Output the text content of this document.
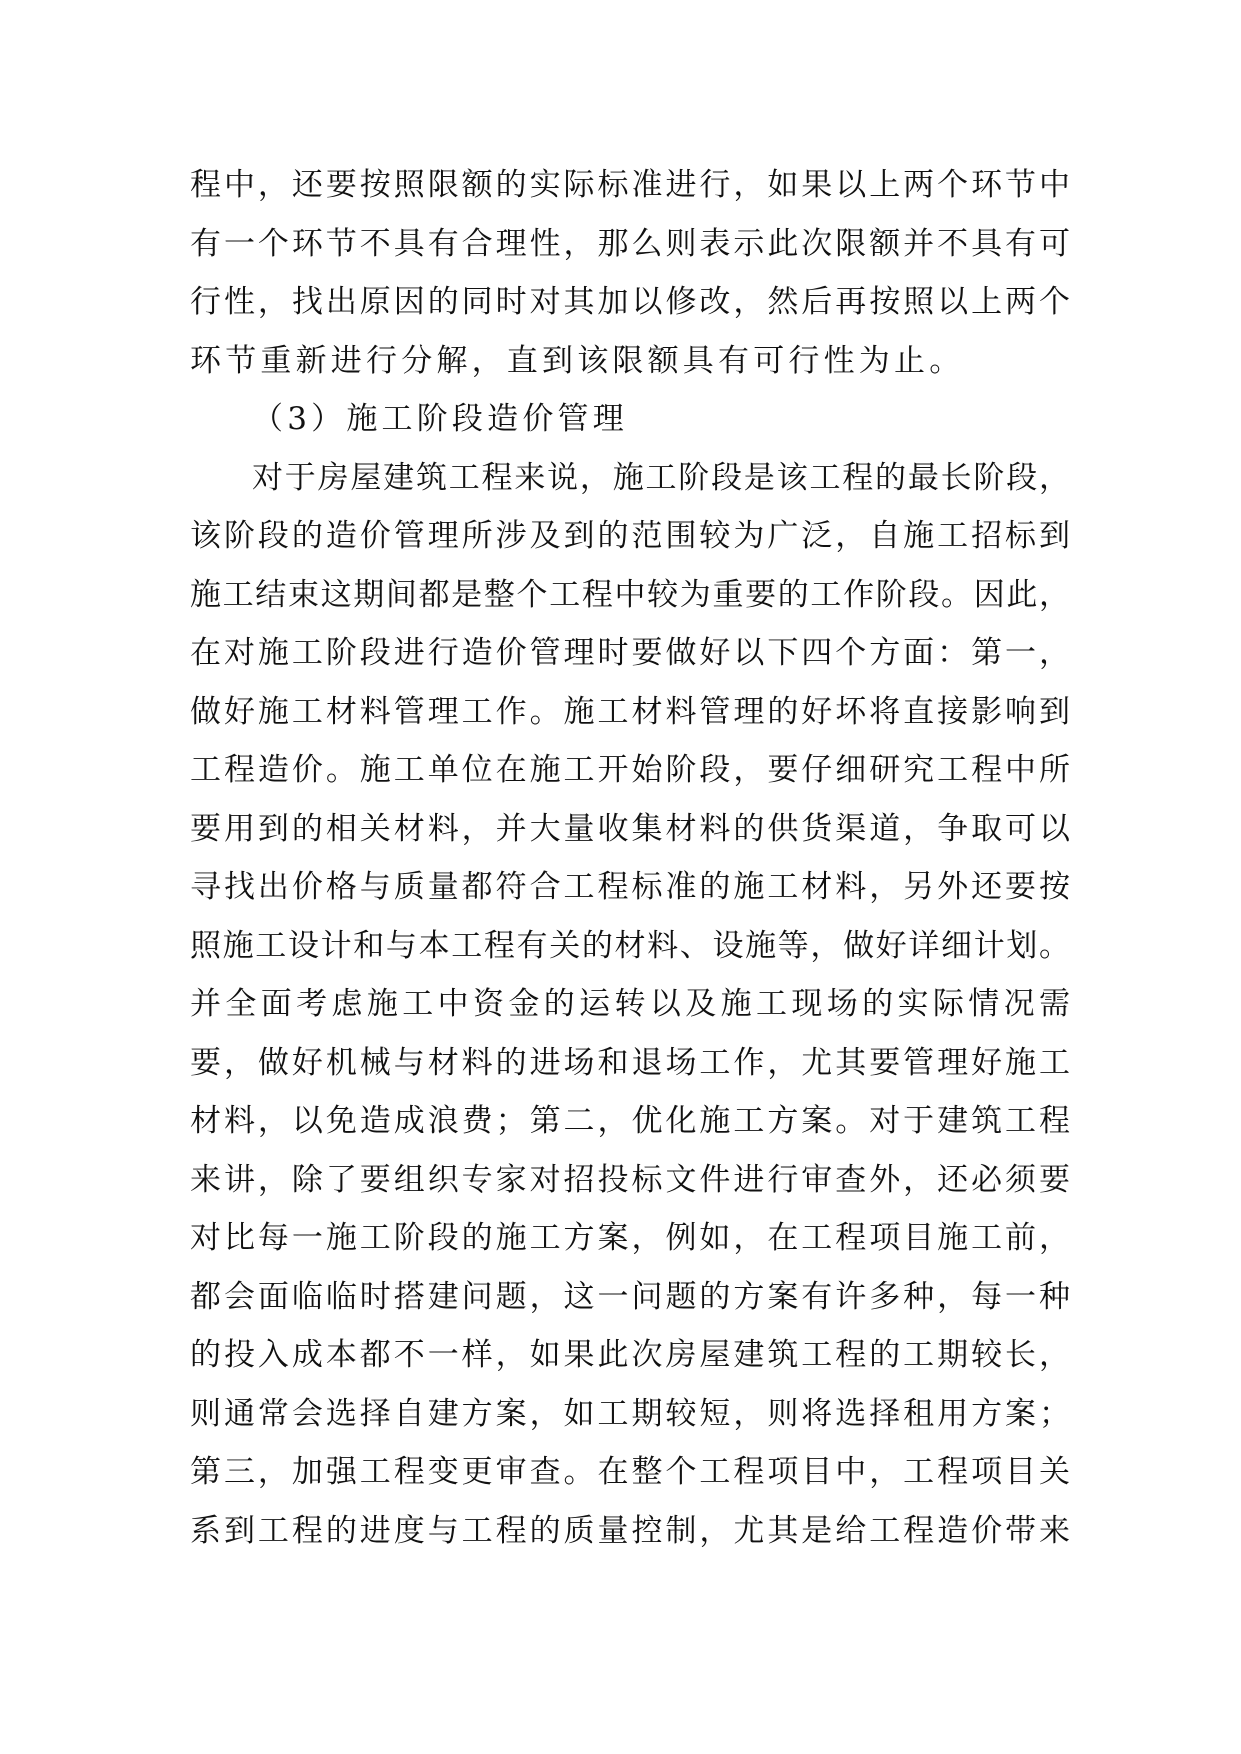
程中，还要按照限额的实际标准进行，如果以上两个环节中
有一个环节不具有合理性，那么则表示此次限额并不具有可
行性，找出原因的同时对其加以修改，然后再按照以上两个
环节重新进行分解，直到该限额具有可行性为止。
（3）施工阶段造价管理
对于房屋建筑工程来说，施工阶段是该工程的最长阶段，
该阶段的造价管理所涉及到的范围较为广泛，自施工招标到
施工结束这期间都是整个工程中较为重要的工作阶段。因此，
在对施工阶段进行造价管理时要做好以下四个方面：第一，
做好施工材料管理工作。施工材料管理的好坏将直接影响到
工程造价。施工单位在施工开始阶段，要仔细研究工程中所
要用到的相关材料，并大量收集材料的供货渠道，争取可以
寻找出价格与质量都符合工程标准的施工材料，另外还要按
照施工设计和与本工程有关的材料、设施等，做好详细计划。
并全面考虑施工中资金的运转以及施工现场的实际情况需
要，做好机械与材料的进场和退场工作，尤其要管理好施工
材料，以免造成浪费；第二，优化施工方案。对于建筑工程
来讲，除了要组织专家对招投标文件进行审查外，还必须要
对比每一施工阶段的施工方案，例如，在工程项目施工前，
都会面临临时搭建问题，这一问题的方案有许多种，每一种
的投入成本都不一样，如果此次房屋建筑工程的工期较长，
则通常会选择自建方案，如工期较短，则将选择租用方案；
第三，加强工程变更审查。在整个工程项目中，工程项目关
系到工程的进度与工程的质量控制，尤其是给工程造价带来
